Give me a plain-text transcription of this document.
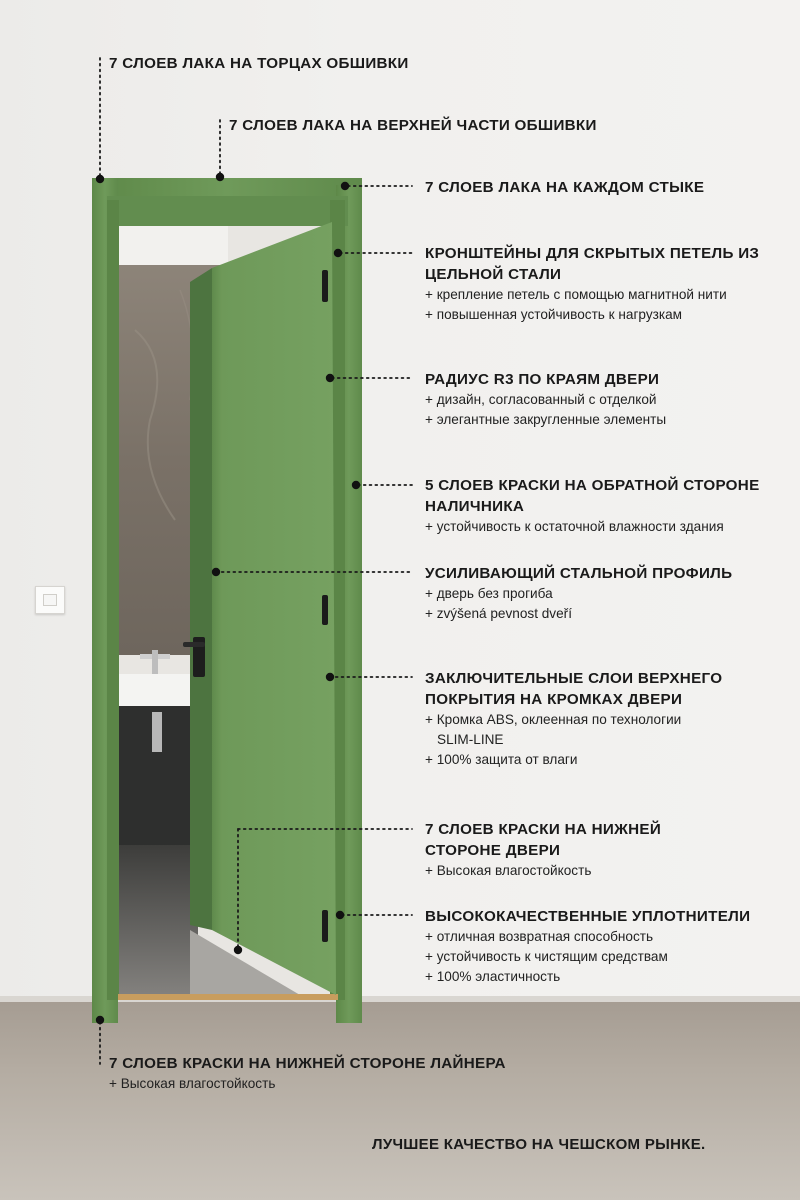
7 СЛОЕВ ЛАКА НА ТОРЦАХ ОБШИВКИ
7 СЛОЕВ ЛАКА НА ВЕРХНЕЙ ЧАСТИ ОБШИВКИ
7 СЛОЕВ ЛАКА НА КАЖДОМ СТЫКЕ
КРОНШТЕЙНЫ ДЛЯ СКРЫТЫХ ПЕТЕЛЬ ИЗ
ЦЕЛЬНОЙ СТАЛИ
+ крепление петель с помощью магнитной нити
+ повышенная устойчивость к нагрузкам
РАДИУС R3 ПО КРАЯМ ДВЕРИ
+ дизайн, согласованный с отделкой
+ элегантные закругленные элементы
5 СЛОЕВ КРАСКИ НА ОБРАТНОЙ СТОРОНЕ
НАЛИЧНИКА
+ устойчивость к остаточной влажности здания
УСИЛИВАЮЩИЙ СТАЛЬНОЙ ПРОФИЛЬ
+ дверь без прогиба
+ zvýšená pevnost dveří
ЗАКЛЮЧИТЕЛЬНЫЕ СЛОИ ВЕРХНЕГО
ПОКРЫТИЯ НА КРОМКАХ ДВЕРИ
+ Кромка ABS, оклеенная по технологии
SLIM-LINE
+ 100% защита от влаги
7 СЛОЕВ КРАСКИ НА НИЖНЕЙ
СТОРОНЕ ДВЕРИ
+ Высокая влагостойкость
ВЫСОКОКАЧЕСТВЕННЫЕ УПЛОТНИТЕЛИ
+ отличная возвратная способность
+ устойчивость к чистящим средствам
+ 100% эластичность
7 СЛОЕВ КРАСКИ НА НИЖНЕЙ СТОРОНЕ ЛАЙНЕРА
+ Высокая влагостойкость
ЛУЧШЕЕ КАЧЕСТВО НА ЧЕШСКОМ РЫНКЕ.
